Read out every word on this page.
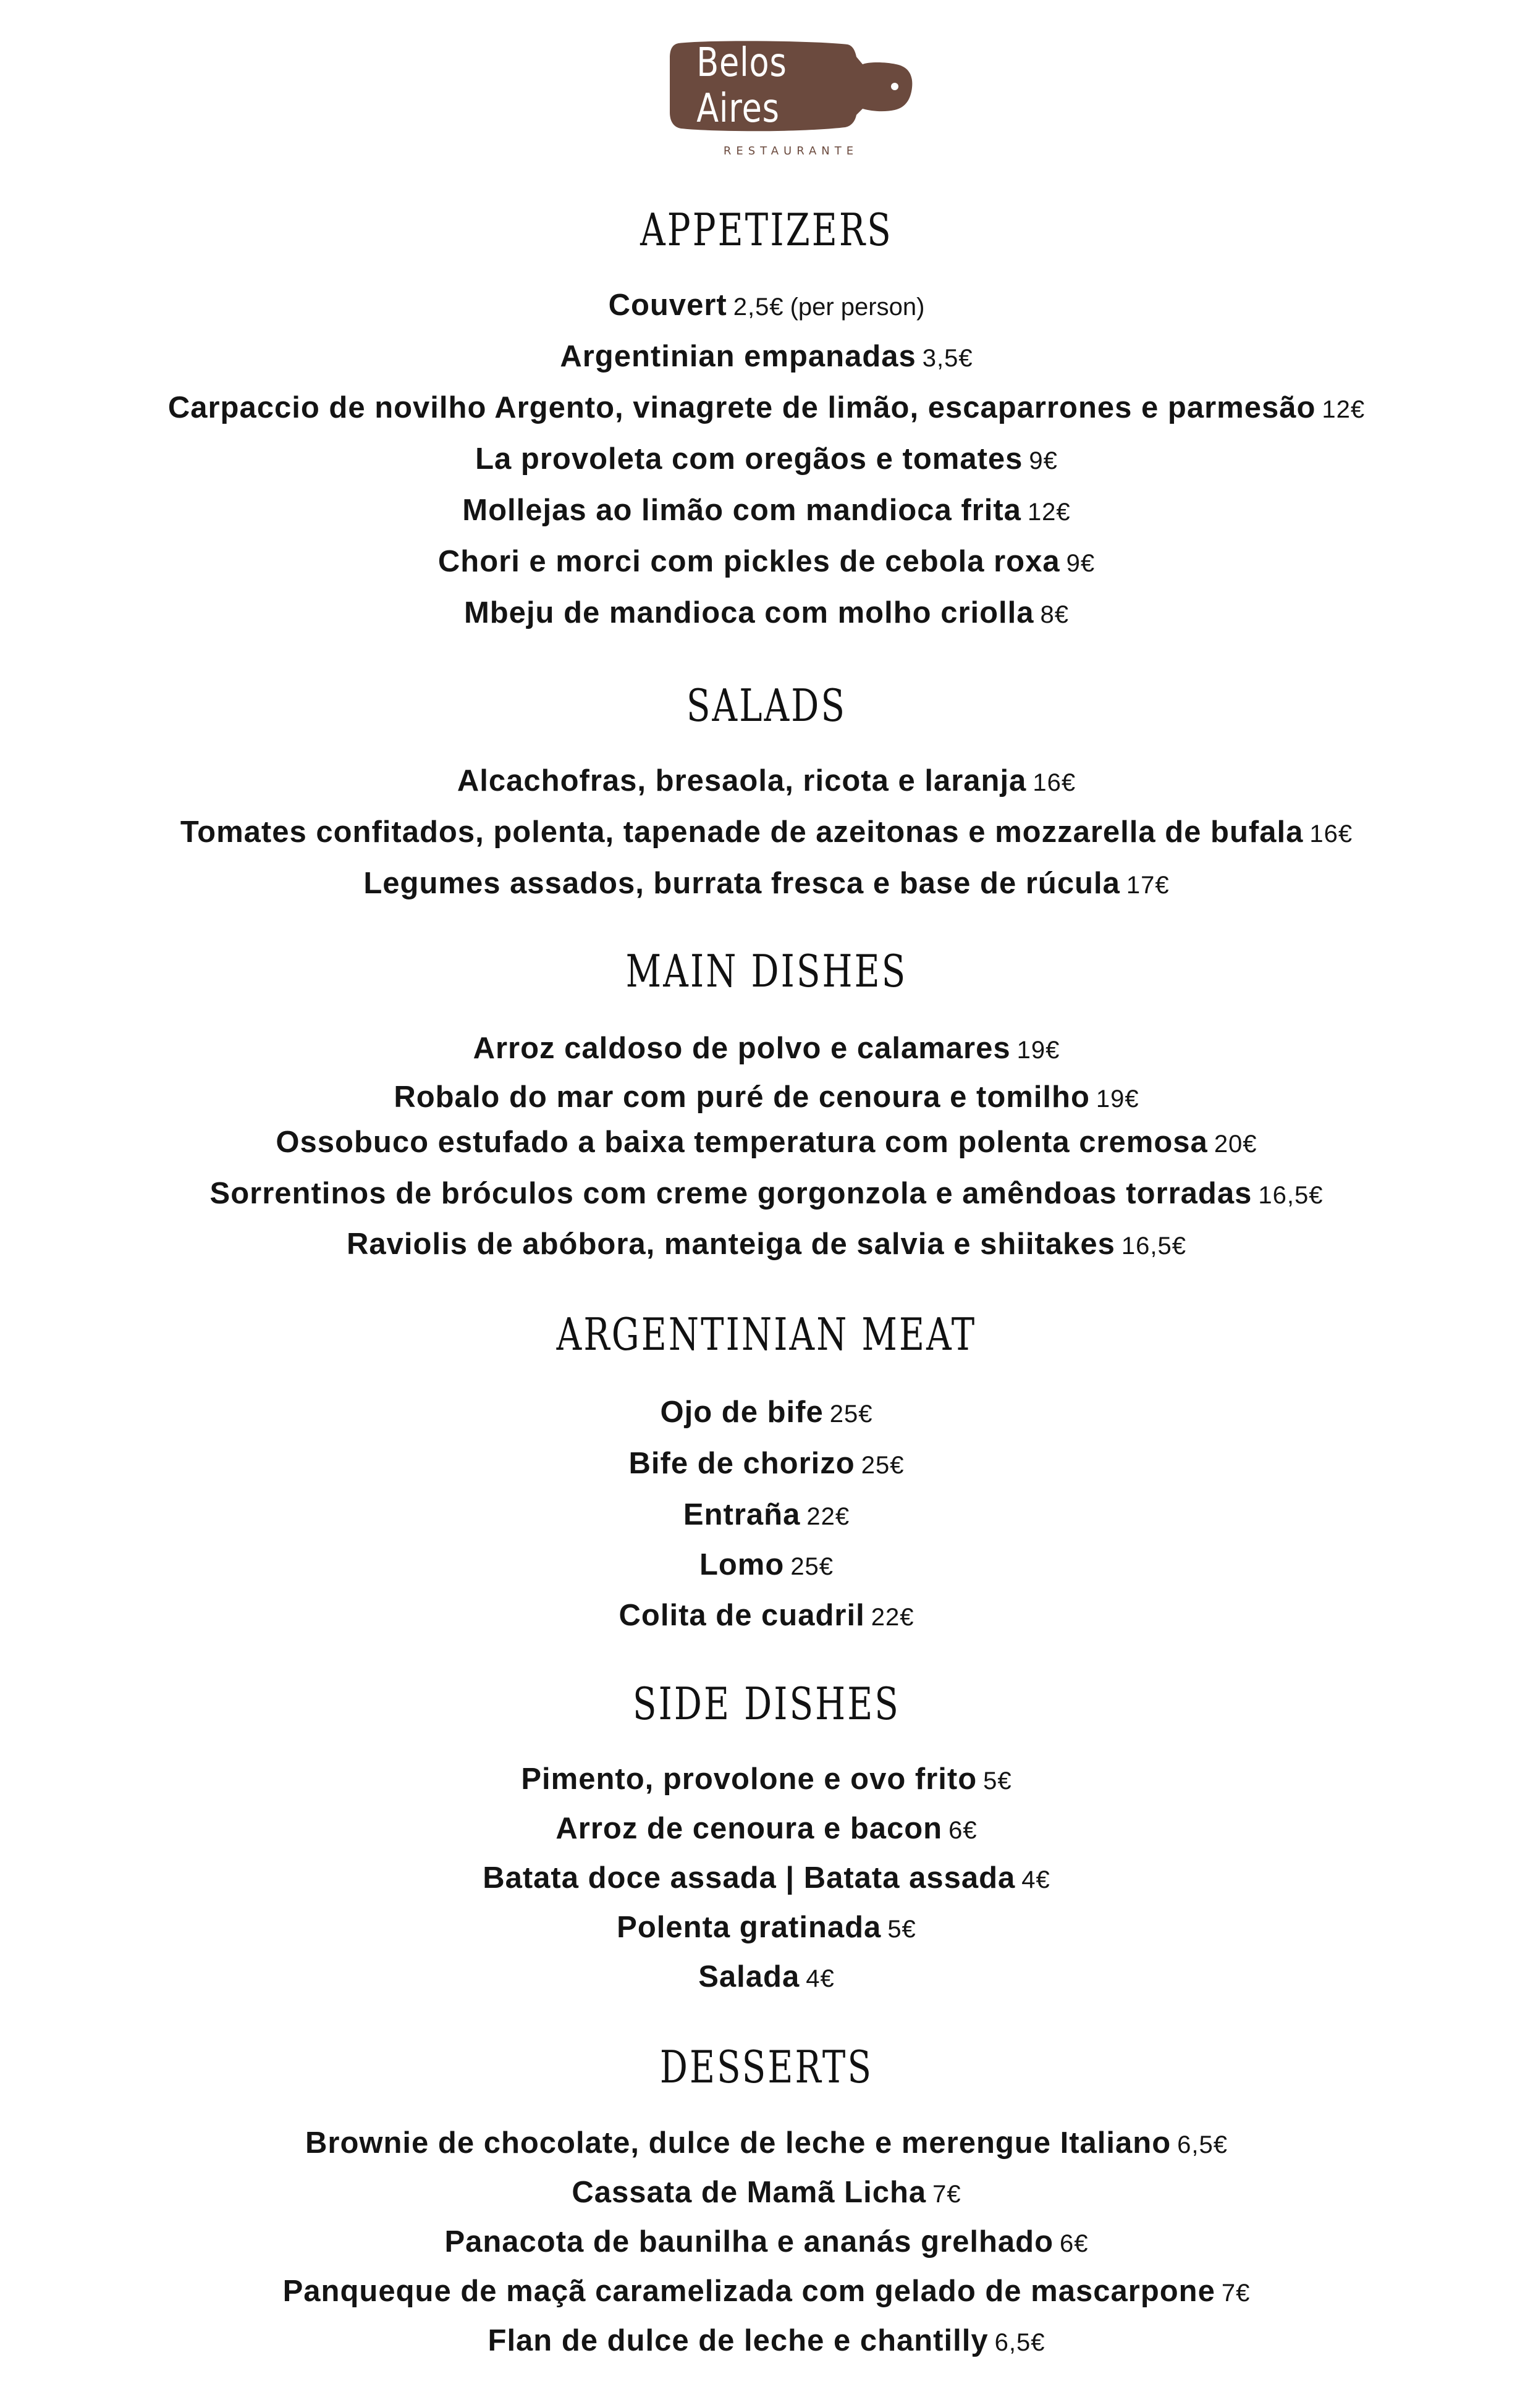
Belos Aires
RESTAURANTE
APPETIZERS
Couvert 2,5€ (per person)
Argentinian empanadas 3,5€
Carpaccio de novilho Argento, vinagrete de limão, escaparrones e parmesão 12€
La provoleta com oregãos e tomates 9€
Mollejas ao limão com mandioca frita 12€
Chori e morci com pickles de cebola roxa 9€
Mbeju de mandioca com molho criolla 8€
SALADS
Alcachofras, bresaola, ricota e laranja 16€
Tomates confitados, polenta, tapenade de azeitonas e mozzarella de bufala 16€
Legumes assados, burrata fresca e base de rúcula 17€
MAIN DISHES
Arroz caldoso de polvo e calamares 19€
Robalo do mar com puré de cenoura e tomilho 19€
Ossobuco estufado a baixa temperatura com polenta cremosa 20€
Sorrentinos de bróculos com creme gorgonzola e amêndoas torradas 16,5€
Raviolis de abóbora, manteiga de salvia e shiitakes 16,5€
ARGENTINIAN MEAT
Ojo de bife 25€
Bife de chorizo 25€
Entraña 22€
Lomo 25€
Colita de cuadril 22€
SIDE DISHES
Pimento, provolone e ovo frito 5€
Arroz de cenoura e bacon 6€
Batata doce assada | Batata assada 4€
Polenta gratinada 5€
Salada 4€
DESSERTS
Brownie de chocolate, dulce de leche e merengue Italiano 6,5€
Cassata de Mamã Licha 7€
Panacota de baunilha e ananás grelhado 6€
Panqueque de maçã caramelizada com gelado de mascarpone 7€
Flan de dulce de leche e chantilly 6,5€
